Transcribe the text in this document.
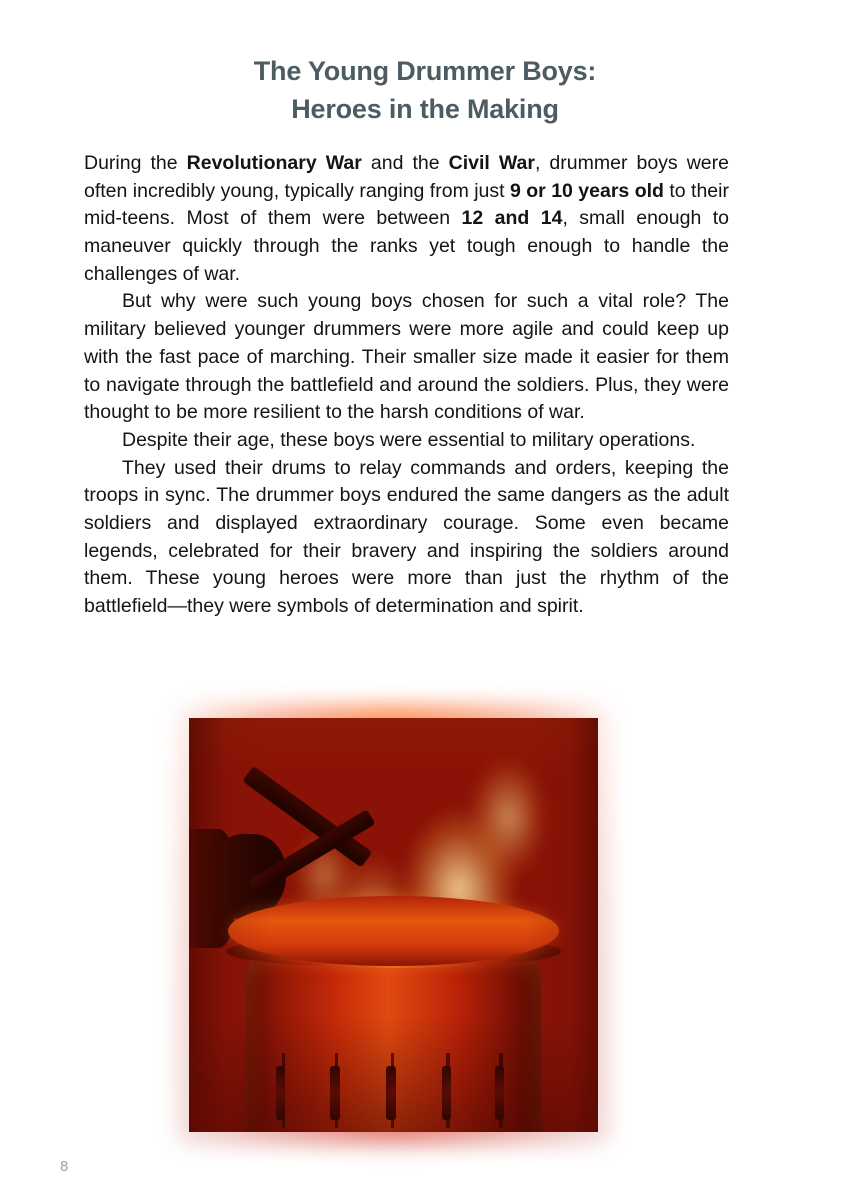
The Young Drummer Boys:
Heroes in the Making

During the Revolutionary War and the Civil War, drummer boys were often incredibly young, typically ranging from just 9 or 10 years old to their mid-teens. Most of them were between 12 and 14, small enough to maneuver quickly through the ranks yet tough enough to handle the challenges of war.

But why were such young boys chosen for such a vital role? The military believed younger drummers were more agile and could keep up with the fast pace of marching. Their smaller size made it easier for them to navigate through the battlefield and around the soldiers. Plus, they were thought to be more resilient to the harsh conditions of war.

Despite their age, these boys were essential to military operations.

They used their drums to relay commands and orders, keeping the troops in sync. The drummer boys endured the same dangers as the adult soldiers and displayed extraordinary courage. Some even became legends, celebrated for their bravery and inspiring the soldiers around them. These young heroes were more than just the rhythm of the battlefield—they were symbols of determination and spirit.

8
